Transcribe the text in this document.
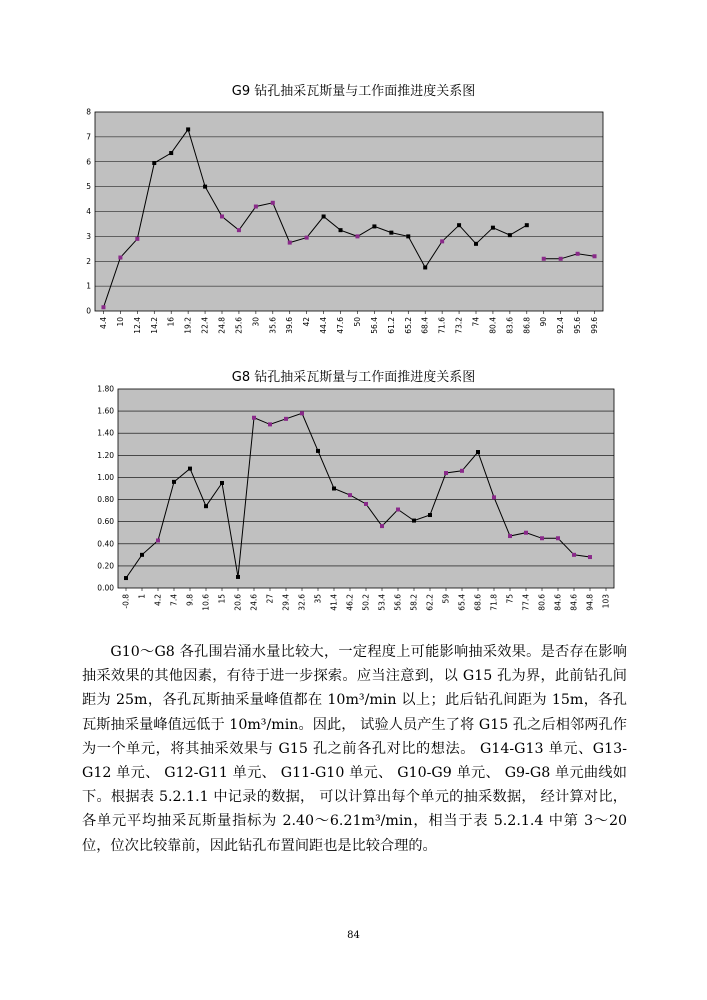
G9 钻孔抽采瓦斯量与工作面推进度关系图
0
1
2
3
4
5
6
7
8
4.4 10 12.4 14.2 16 19.2 22.4 24.8 25.6 30 35.6 39.6 42 44.4 47.6 50 56.4 61.2 65.2 68.4 71.6 73.2 74 80.4 83.6 86.8 90 92.4 95.6 99.6
G8 钻孔抽采瓦斯量与工作面推进度关系图
0.00
0.20
0.40
0.60
0.80
1.00
1.20
1.40
1.60
1.80
-0.8 1 4.2 7.4 9.8 10.6 15 20.6 24.6 27 29.4 32.6 35 41.4 46.2 50.2 53.4 56.6 58.2 62.2 59 65.4 68.6 71.8 75 77.4 80.6 84.6 84.6 94.8 103

G10～G8 各孔围岩涌水量比较大，一定程度上可能影响抽采效果。是否存在影响抽采效果的其他因素，有待于进一步探索。应当注意到，以 G15 孔为界，此前钻孔间距为 25m，各孔瓦斯抽采量峰值都在 10m³/min 以上；此后钻孔间距为 15m，各孔瓦斯抽采量峰值远低于 10m³/min。因此， 试验人员产生了将 G15 孔之后相邻两孔作为一个单元，将其抽采效果与 G15 孔之前各孔对比的想法。 G14-G13 单元、G13-G12 单元、 G12-G11 单元、 G11-G10 单元、 G10-G9 单元、 G9-G8 单元曲线如下。根据表 5.2.1.1 中记录的数据， 可以计算出每个单元的抽采数据， 经计算对比， 各单元平均抽采瓦斯量指标为 2.40～6.21m³/min，相当于表 5.2.1.4 中第 3～20 位，位次比较靠前，因此钻孔布置间距也是比较合理的。

84
